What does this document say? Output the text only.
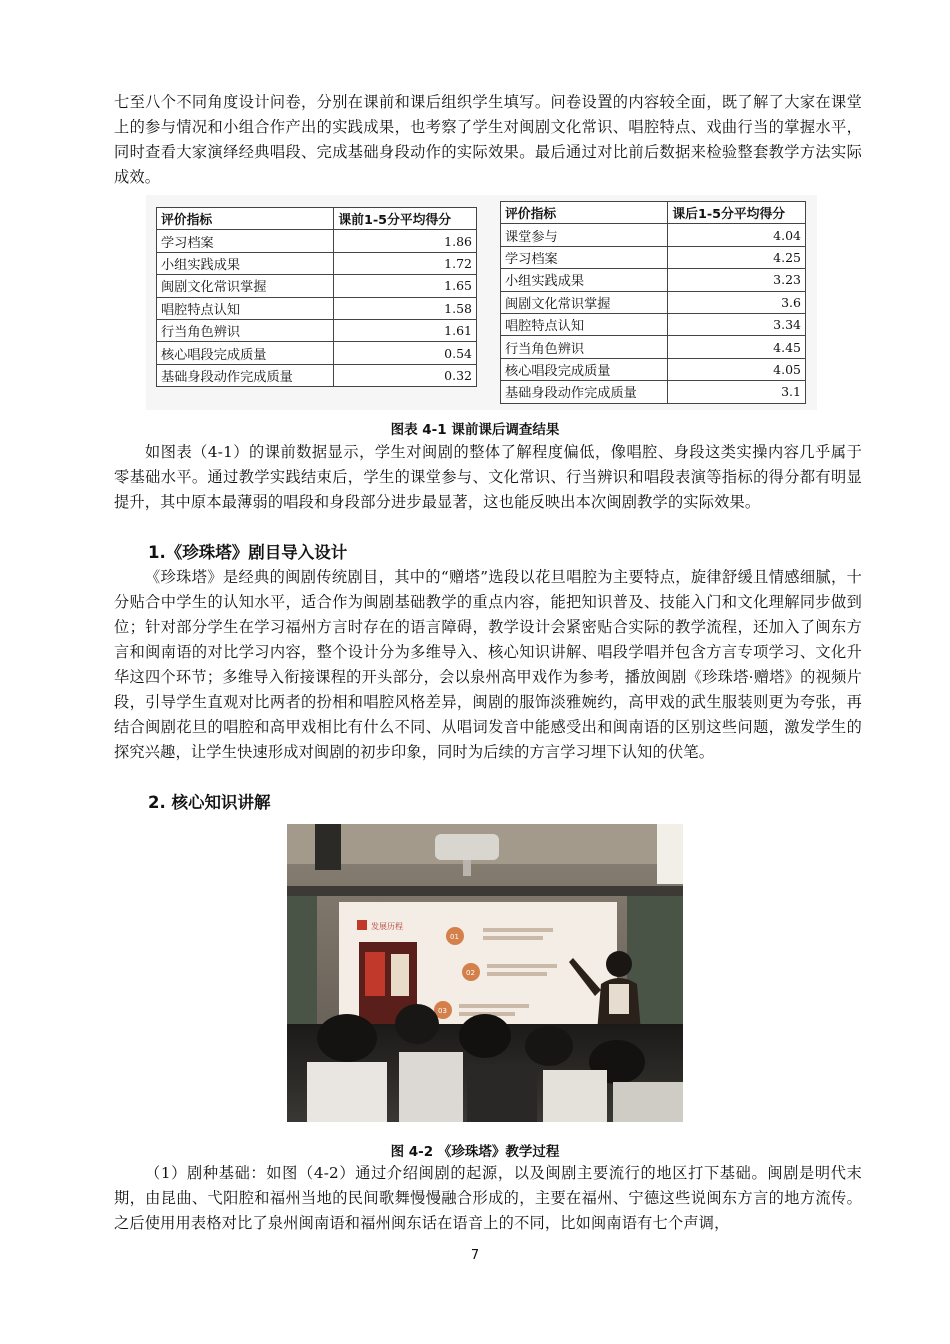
七至八个不同角度设计问卷，分别在课前和课后组织学生填写。问卷设置的内容较全面，既了解了大家在课堂上的参与情况和小组合作产出的实践成果，也考察了学生对闽剧文化常识、唱腔特点、戏曲行当的掌握水平，同时查看大家演绎经典唱段、完成基础身段动作的实际效果。最后通过对比前后数据来检验整套教学方法实际成效。
评价指标	课前1-5分平均得分
学习档案	1.86
小组实践成果	1.72
闽剧文化常识掌握	1.65
唱腔特点认知	1.58
行当角色辨识	1.61
核心唱段完成质量	0.54
基础身段动作完成质量	0.32
评价指标	课后1-5分平均得分
课堂参与	4.04
学习档案	4.25
小组实践成果	3.23
闽剧文化常识掌握	3.6
唱腔特点认知	3.34
行当角色辨识	4.45
核心唱段完成质量	4.05
基础身段动作完成质量	3.1
图表 4-1 课前课后调查结果
如图表（4-1）的课前数据显示，学生对闽剧的整体了解程度偏低，像唱腔、身段这类实操内容几乎属于零基础水平。通过教学实践结束后，学生的课堂参与、文化常识、行当辨识和唱段表演等指标的得分都有明显提升，其中原本最薄弱的唱段和身段部分进步最显著，这也能反映出本次闽剧教学的实际效果。
1.《珍珠塔》剧目导入设计
《珍珠塔》是经典的闽剧传统剧目，其中的“赠塔”选段以花旦唱腔为主要特点，旋律舒缓且情感细腻，十分贴合中学生的认知水平，适合作为闽剧基础教学的重点内容，能把知识普及、技能入门和文化理解同步做到位；针对部分学生在学习福州方言时存在的语言障碍，教学设计会紧密贴合实际的教学流程，还加入了闽东方言和闽南语的对比学习内容，整个设计分为多维导入、核心知识讲解、唱段学唱并包含方言专项学习、文化升华这四个环节；多维导入衔接课程的开头部分，会以泉州高甲戏作为参考，播放闽剧《珍珠塔·赠塔》的视频片段，引导学生直观对比两者的扮相和唱腔风格差异，闽剧的服饰淡雅婉约，高甲戏的武生服装则更为夸张，再结合闽剧花旦的唱腔和高甲戏相比有什么不同、从唱词发音中能感受出和闽南语的区别这些问题，激发学生的探究兴趣，让学生快速形成对闽剧的初步印象，同时为后续的方言学习埋下认知的伏笔。
2. 核心知识讲解
发展历程
01
02
03
图 4-2 《珍珠塔》教学过程
（1）剧种基础：如图（4-2）通过介绍闽剧的起源，以及闽剧主要流行的地区打下基础。闽剧是明代末期，由昆曲、弋阳腔和福州当地的民间歌舞慢慢融合形成的，主要在福州、宁德这些说闽东方言的地方流传。之后使用用表格对比了泉州闽南语和福州闽东话在语音上的不同，比如闽南语有七个声调，
7
